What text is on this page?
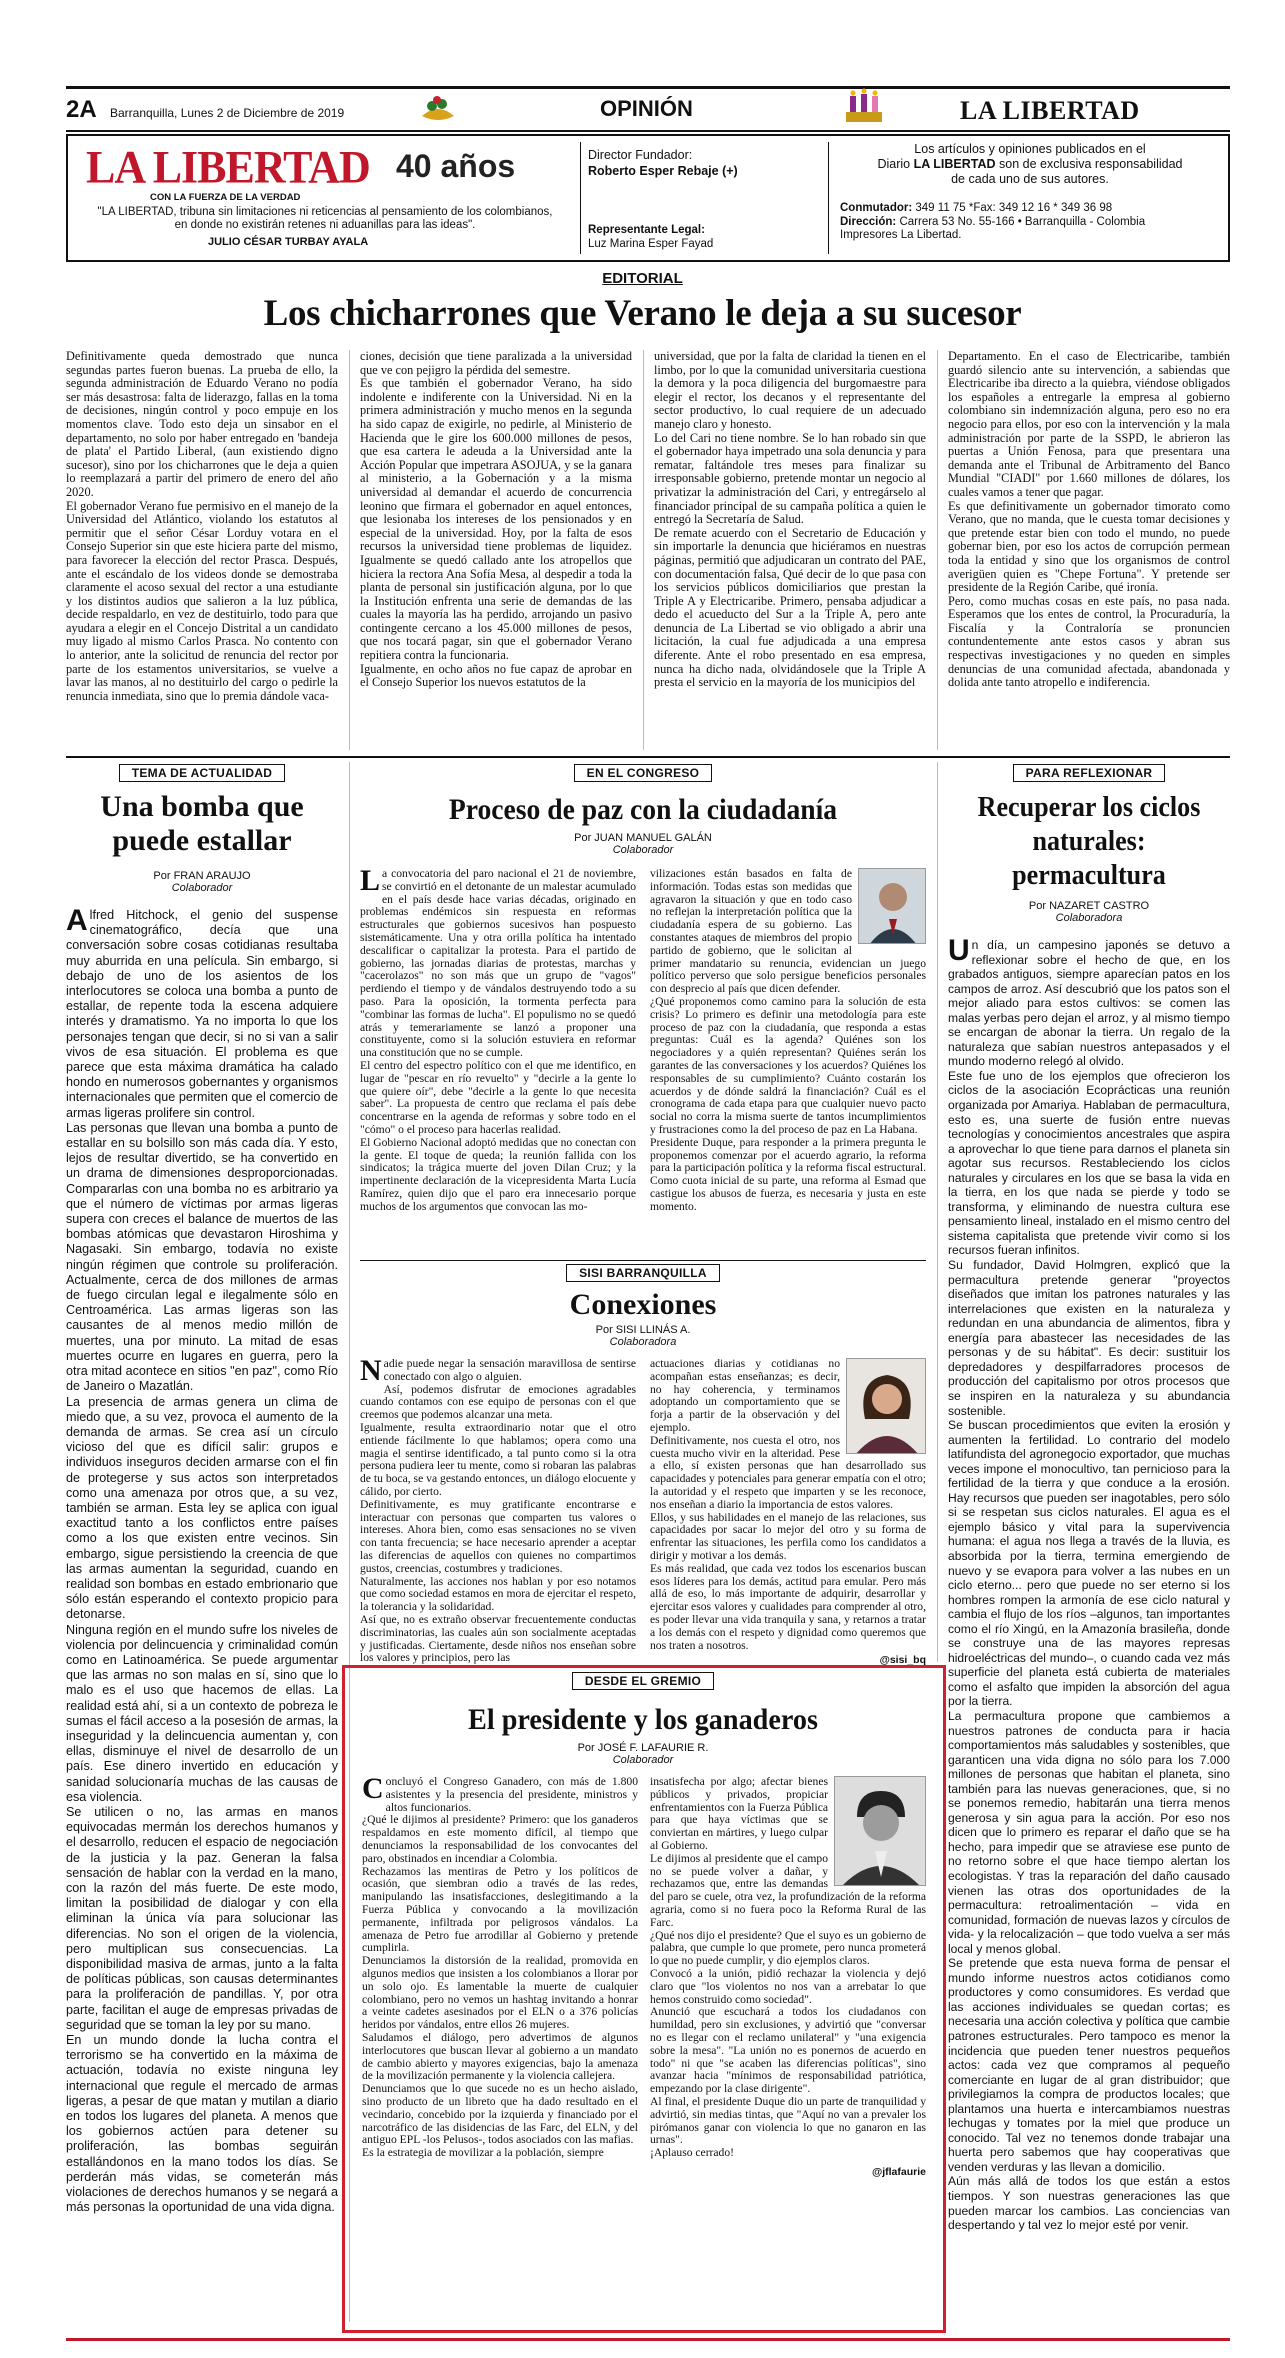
2A Barranquilla, Lunes 2 de Diciembre de 2019	OPINIÓN	LA LIBERTAD
LA LIBERTAD 40 años
CON LA FUERZA DE LA VERDAD
"LA LIBERTAD, tribuna sin limitaciones ni reticencias al pensamiento de los colombianos, en donde no existirán retenes ni aduanillas para las ideas".
JULIO CÉSAR TURBAY AYALA
Director Fundador:
Roberto Esper Rebaje (+)
Representante Legal:
Luz Marina Esper Fayad
Los artículos y opiniones publicados en el
Diario LA LIBERTAD son de exclusiva responsabilidad
de cada uno de sus autores.
Conmutador: 349 11 75 *Fax: 349 12 16 * 349 36 98
Dirección: Carrera 53 No. 55-166 • Barranquilla - Colombia
Impresores La Libertad.
EDITORIAL
Los chicharrones que Verano le deja a su sucesor

Definitivamente queda demostrado que nunca segundas partes fueron buenas. La prueba de ello, la segunda administración de Eduardo Verano no podía ser más desastrosa: falta de liderazgo, fallas en la toma de decisiones, ningún control y poco empuje en los momentos clave. Todo esto deja un sinsabor en el departamento, no solo por haber entregado en 'bandeja de plata' el Partido Liberal, (aun existiendo digno sucesor), sino por los chicharrones que le deja a quien lo reemplazará a partir del primero de enero del año 2020.

El gobernador Verano fue permisivo en el manejo de la Universidad del Atlántico, violando los estatutos al permitir que el señor César Lorduy votara en el Consejo Superior sin que este hiciera parte del mismo, para favorecer la elección del rector Prasca. Después, ante el escándalo de los videos donde se demostraba claramente el acoso sexual del rector a una estudiante y los distintos audios que salieron a la luz pública, decide respaldarlo, en vez de destituirlo, todo para que ayudara a elegir en el Concejo Distrital a un candidato muy ligado al mismo Carlos Prasca. No contento con lo anterior, ante la solicitud de renuncia del rector por parte de los estamentos universitarios, se vuelve a lavar las manos, al no destituirlo del cargo o pedirle la renuncia inmediata, sino que lo premia dándole vaca-

ciones, decisión que tiene paralizada a la universidad que ve con pejigro la pérdida del semestre.

Es que también el gobernador Verano, ha sido indolente e indiferente con la Universidad. Ni en la primera administración y mucho menos en la segunda ha sido capaz de exigirle, no pedirle, al Ministerio de Hacienda que le gire los 600.000 millones de pesos, que esa cartera le adeuda a la Universidad ante la Acción Popular que impetrara ASOJUA, y se la ganara al ministerio, a la Gobernación y a la misma universidad al demandar el acuerdo de concurrencia leonino que firmara el gobernador en aquel entonces, que lesionaba los intereses de los pensionados y en especial de la universidad. Hoy, por la falta de esos recursos la universidad tiene problemas de liquidez. Igualmente se quedó callado ante los atropellos que hiciera la rectora Ana Sofía Mesa, al despedir a toda la planta de personal sin justificación alguna, por lo que la Institución enfrenta una serie de demandas de las cuales la mayoría las ha perdido, arrojando un pasivo contingente cercano a los 45.000 millones de pesos, que nos tocará pagar, sin que el gobernador Verano repitiera contra la funcionaria.

Igualmente, en ocho años no fue capaz de aprobar en el Consejo Superior los nuevos estatutos de la

universidad, que por la falta de claridad la tienen en el limbo, por lo que la comunidad universitaria cuestiona la demora y la poca diligencia del burgomaestre para elegir el rector, los decanos y el representante del sector productivo, lo cual requiere de un adecuado manejo claro y honesto.

Lo del Cari no tiene nombre. Se lo han robado sin que el gobernador haya impetrado una sola denuncia y para rematar, faltándole tres meses para finalizar su irresponsable gobierno, pretende montar un negocio al privatizar la administración del Cari, y entregárselo al financiador principal de su campaña política a quien le entregó la Secretaría de Salud.

De remate acuerdo con el Secretario de Educación y sin importarle la denuncia que hiciéramos en nuestras páginas, permitió que adjudicaran un contrato del PAE, con documentación falsa, Qué decir de lo que pasa con los servicios públicos domiciliarios que prestan la Triple A y Electricaribe. Primero, pensaba adjudicar a dedo el acueducto del Sur a la Triple A, pero ante denuncia de La Libertad se vio obligado a abrir una licitación, la cual fue adjudicada a una empresa diferente. Ante el robo presentado en esa empresa, nunca ha dicho nada, olvidándosele que la Triple A presta el servicio en la mayoría de los municipios del

Departamento. En el caso de Electricaribe, también guardó silencio ante su intervención, a sabiendas que Electricaribe iba directo a la quiebra, viéndose obligados los españoles a entregarle la empresa al gobierno colombiano sin indemnización alguna, pero eso no era negocio para ellos, por eso con la intervención y la mala administración por parte de la SSPD, le abrieron las puertas a Unión Fenosa, para que presentara una demanda ante el Tribunal de Arbitramento del Banco Mundial "CIADI" por 1.660 millones de dólares, los cuales vamos a tener que pagar.

Es que definitivamente un gobernador timorato como Verano, que no manda, que le cuesta tomar decisiones y que pretende estar bien con todo el mundo, no puede gobernar bien, por eso los actos de corrupción permean toda la entidad y sino que los organismos de control averigüen quien es "Chepe Fortuna". Y pretende ser presidente de la Región Caribe, qué ironía.

Pero, como muchas cosas en este país, no pasa nada. Esperamos que los entes de control, la Procuraduría, la Fiscalía y la Contraloría se pronuncien contundentemente ante estos casos y abran sus respectivas investigaciones y no queden en simples denuncias de una comunidad afectada, abandonada y dolida ante tanto atropello e indiferencia.

TEMA DE ACTUALIDAD
Una bomba que puede estallar
Por FRAN ARAUJO
Colaborador

Alfred Hitchock, el genio del suspense cinematográfico, decía que una conversación sobre cosas cotidianas resultaba muy aburrida en una película. Sin embargo, si debajo de uno de los asientos de los interlocutores se coloca una bomba a punto de estallar, de repente toda la escena adquiere interés y dramatismo. Ya no importa lo que los personajes tengan que decir, si no si van a salir vivos de esa situación. El problema es que parece que esta máxima dramática ha calado hondo en numerosos gobernantes y organismos internacionales que permiten que el comercio de armas ligeras prolifere sin control.

Las personas que llevan una bomba a punto de estallar en su bolsillo son más cada día. Y esto, lejos de resultar divertido, se ha convertido en un drama de dimensiones desproporcionadas. Compararlas con una bomba no es arbitrario ya que el número de víctimas por armas ligeras supera con creces el balance de muertos de las bombas atómicas que devastaron Hiroshima y Nagasaki. Sin embargo, todavía no existe ningún régimen que controle su proliferación. Actualmente, cerca de dos millones de armas de fuego circulan legal e ilegalmente sólo en Centroamérica. Las armas ligeras son las causantes de al menos medio millón de muertes, una por minuto. La mitad de esas muertes ocurre en lugares en guerra, pero la otra mitad acontece en sitios "en paz", como Río de Janeiro o Mazatlán.

La presencia de armas genera un clima de miedo que, a su vez, provoca el aumento de la demanda de armas. Se crea así un círculo vicioso del que es difícil salir: grupos e individuos inseguros deciden armarse con el fin de protegerse y sus actos son interpretados como una amenaza por otros que, a su vez, también se arman. Esta ley se aplica con igual exactitud tanto a los conflictos entre países como a los que existen entre vecinos. Sin embargo, sigue persistiendo la creencia de que las armas aumentan la seguridad, cuando en realidad son bombas en estado embrionario que sólo están esperando el contexto propicio para detonarse.

Ninguna región en el mundo sufre los niveles de violencia por delincuencia y criminalidad común como en Latinoamérica. Se puede argumentar que las armas no son malas en sí, sino que lo malo es el uso que hacemos de ellas. La realidad está ahí, si a un contexto de pobreza le sumas el fácil acceso a la posesión de armas, la inseguridad y la delincuencia aumentan y, con ellas, disminuye el nivel de desarrollo de un país. Ese dinero invertido en educación y sanidad solucionaría muchas de las causas de esa violencia.

Se utilicen o no, las armas en manos equivocadas mermán los derechos humanos y el desarrollo, reducen el espacio de negociación de la justicia y la paz. Generan la falsa sensación de hablar con la verdad en la mano, con la razón del más fuerte. De este modo, limitan la posibilidad de dialogar y con ella eliminan la única vía para solucionar las diferencias. No son el origen de la violencia, pero multiplican sus consecuencias. La disponibilidad masiva de armas, junto a la falta de políticas públicas, son causas determinantes para la proliferación de pandillas. Y, por otra parte, facilitan el auge de empresas privadas de seguridad que se toman la ley por su mano.

En un mundo donde la lucha contra el terrorismo se ha convertido en la máxima de actuación, todavía no existe ninguna ley internacional que regule el mercado de armas ligeras, a pesar de que matan y mutilan a diario en todos los lugares del planeta. A menos que los gobiernos actúen para detener su proliferación, las bombas seguirán estallándonos en la mano todos los días. Se perderán más vidas, se cometerán más violaciones de derechos humanos y se negará a más personas la oportunidad de una vida digna.

EN EL CONGRESO
Proceso de paz con la ciudadanía
Por JUAN MANUEL GALÁN
Colaborador

La convocatoria del paro nacional el 21 de noviembre, se convirtió en el detonante de un malestar acumulado en el país desde hace varias décadas, originado en problemas endémicos sin respuesta en reformas estructurales que gobiernos sucesivos han pospuesto sistemáticamente. Una y otra orilla política ha intentado descalificar o capitalizar la protesta. Para el partido de gobierno, las jornadas diarias de protestas, marchas y "cacerolazos" no son más que un grupo de "vagos" perdiendo el tiempo y de vándalos destruyendo todo a su paso. Para la oposición, la tormenta perfecta para "combinar las formas de lucha". El populismo no se quedó atrás y temerariamente se lanzó a proponer una constituyente, como si la solución estuviera en reformar una constitución que no se cumple.

El centro del espectro político con el que me identifico, en lugar de "pescar en río revuelto" y "decirle a la gente lo que quiere oír", debe "decirle a la gente lo que necesita saber". La propuesta de centro que reclama el país debe concentrarse en la agenda de reformas y sobre todo en el "cómo" o el proceso para hacerlas realidad.

El Gobierno Nacional adoptó medidas que no conectan con la gente. El toque de queda; la reunión fallida con los sindicatos; la trágica muerte del joven Dilan Cruz; y la impertinente declaración de la vicepresidenta Marta Lucía Ramírez, quien dijo que el paro era innecesario porque muchos de los argumentos que convocan las mo-

vilizaciones están basados en falta de información. Todas estas son medidas que agravaron la situación y que en todo caso no reflejan la interpretación política que la ciudadanía espera de su gobierno. Las constantes ataques de miembros del propio partido de gobierno, que le solicitan al primer mandatario su renuncia, evidencian un juego político perverso que solo persigue beneficios personales con desprecio al país que dicen defender.

¿Qué proponemos como camino para la solución de esta crisis? Lo primero es definir una metodología para este proceso de paz con la ciudadanía, que responda a estas preguntas: Cuál es la agenda? Quiénes son los negociadores y a quién representan? Quiénes serán los garantes de las conversaciones y los acuerdos? Quiénes los responsables de su cumplimiento? Cuánto costarán los acuerdos y de dónde saldrá la financiación? Cuál es el cronograma de cada etapa para que cualquier nuevo pacto social no corra la misma suerte de tantos incumplimientos y frustraciones como la del proceso de paz en La Habana.

Presidente Duque, para responder a la primera pregunta le proponemos comenzar por el acuerdo agrario, la reforma para la participación política y la reforma fiscal estructural. Como cuota inicial de su parte, una reforma al Esmad que castigue los abusos de fuerza, es necesaria y justa en este momento.

SISI BARRANQUILLA
Conexiones
Por SISI LLINÁS A.
Colaboradora

Nadie puede negar la sensación maravillosa de sentirse conectado con algo o alguien.

Así, podemos disfrutar de emociones agradables cuando contamos con ese equipo de personas con el que creemos que podemos alcanzar una meta.

Igualmente, resulta extraordinario notar que el otro entiende fácilmente lo que hablamos; opera como una magia el sentirse identificado, a tal punto como si la otra persona pudiera leer tu mente, como si robaran las palabras de tu boca, se va gestando entonces, un diálogo elocuente y cálido, por cierto.

Definitivamente, es muy gratificante encontrarse e interactuar con personas que comparten tus valores o intereses. Ahora bien, como esas sensaciones no se viven con tanta frecuencia; se hace necesario aprender a aceptar las diferencias de aquellos con quienes no compartimos gustos, creencias, costumbres y tradiciones.

Naturalmente, las acciones nos hablan y por eso notamos que como sociedad estamos en mora de ejercitar el respeto, la tolerancia y la solidaridad.

Así que, no es extraño observar frecuentemente conductas discriminatorias, las cuales aún son socialmente aceptadas y justificadas. Ciertamente, desde niños nos enseñan sobre los valores y principios, pero las

actuaciones diarias y cotidianas no acompañan estas enseñanzas; es decir, no hay coherencia, y terminamos adoptando un comportamiento que se forja a partir de la observación y del ejemplo.

Definitivamente, nos cuesta el otro, nos cuesta mucho vivir en la alteridad. Pese a ello, sí existen personas que han desarrollado sus capacidades y potenciales para generar empatía con el otro; la autoridad y el respeto que imparten y se les reconoce, nos enseñan a diario la importancia de estos valores.

Ellos, y sus habilidades en el manejo de las relaciones, sus capacidades por sacar lo mejor del otro y su forma de enfrentar las situaciones, les perfila como los candidatos a dirigir y motivar a los demás.

Es más realidad, que cada vez todos los escenarios buscan esos líderes para los demás, actitud para emular. Pero más allá de eso, lo más importante de adquirir, desarrollar y ejercitar esos valores y cualidades para comprender al otro, es poder llevar una vida tranquila y sana, y retarnos a tratar a los demás con el respeto y dignidad como queremos que nos traten a nosotros.

@sisi_bq
DESDE EL GREMIO
El presidente y los ganaderos
Por JOSÉ F. LAFAURIE R.
Colaborador

Concluyó el Congreso Ganadero, con más de 1.800 asistentes y la presencia del presidente, ministros y altos funcionarios.

¿Qué le dijimos al presidente? Primero: que los ganaderos respaldamos en este momento difícil, al tiempo que denunciamos la responsabilidad de los convocantes del paro, obstinados en incendiar a Colombia.

Rechazamos las mentiras de Petro y los políticos de ocasión, que siembran odio a través de las redes, manipulando las insatisfacciones, deslegitimando a la Fuerza Pública y convocando a la movilización permanente, infiltrada por peligrosos vándalos. La amenaza de Petro fue arrodillar al Gobierno y pretende cumplirla.

Denunciamos la distorsión de la realidad, promovida en algunos medios que insisten a los colombianos a llorar por un solo ojo. Es lamentable la muerte de cualquier colombiano, pero no vemos un hashtag invitando a honrar a veinte cadetes asesinados por el ELN o a 376 policías heridos por vándalos, entre ellos 26 mujeres.

Saludamos el diálogo, pero advertimos de algunos interlocutores que buscan llevar al gobierno a un mandato de cambio abierto y mayores exigencias, bajo la amenaza de la movilización permanente y la violencia callejera.

Denunciamos que lo que sucede no es un hecho aislado, sino producto de un libreto que ha dado resultado en el vecindario, concebido por la izquierda y financiado por el narcotráfico de las disidencias de las Farc, del ELN, y del antiguo EPL -los Pelusos-, todos asociados con las mafias.

Es la estrategia de movilizar a la población, siempre

insatisfecha por algo; afectar bienes públicos y privados, propiciar enfrentamientos con la Fuerza Pública para que haya víctimas que se conviertan en mártires, y luego culpar al Gobierno.

Le dijimos al presidente que el campo no se puede volver a dañar, y rechazamos que, entre las demandas del paro se cuele, otra vez, la profundización de la reforma agraria, como si no fuera poco la Reforma Rural de las Farc.

¿Qué nos dijo el presidente? Que el suyo es un gobierno de palabra, que cumple lo que promete, pero nunca prometerá lo que no puede cumplir, y dio ejemplos claros.

Convocó a la unión, pidió rechazar la violencia y dejó claro que "los violentos no nos van a arrebatar lo que hemos construido como sociedad".

Anunció que escuchará a todos los ciudadanos con humildad, pero sin exclusiones, y advirtió que "conversar no es llegar con el reclamo unilateral" y "una exigencia sobre la mesa". "La unión no es ponernos de acuerdo en todo" ni que "se acaben las diferencias políticas", sino avanzar hacia "mínimos de responsabilidad patriótica, empezando por la clase dirigente".

Al final, el presidente Duque dio un parte de tranquilidad y advirtió, sin medias tintas, que "Aquí no van a prevaler los pirómanos ganar con violencia lo que no ganaron en las urnas".

¡Aplauso cerrado!

@jflafaurie
PARA REFLEXIONAR
Recuperar los ciclos naturales: permacultura
Por NAZARET CASTRO
Colaboradora

Un día, un campesino japonés se detuvo a reflexionar sobre el hecho de que, en los grabados antiguos, siempre aparecían patos en los campos de arroz. Así descubrió que los patos son el mejor aliado para estos cultivos: se comen las malas yerbas pero dejan el arroz, y al mismo tiempo se encargan de abonar la tierra. Un regalo de la naturaleza que sabían nuestros antepasados y el mundo moderno relegó al olvido.

Este fue uno de los ejemplos que ofrecieron los ciclos de la asociación Ecoprácticas una reunión organizada por Amariya. Hablaban de permacultura, esto es, una suerte de fusión entre nuevas tecnologías y conocimientos ancestrales que aspira a aprovechar lo que tiene para darnos el planeta sin agotar sus recursos. Restableciendo los ciclos naturales y circulares en los que se basa la vida en la tierra, en los que nada se pierde y todo se transforma, y eliminando de nuestra cultura ese pensamiento lineal, instalado en el mismo centro del sistema capitalista que pretende vivir como si los recursos fueran infinitos.

Su fundador, David Holmgren, explicó que la permacultura pretende generar "proyectos diseñados que imitan los patrones naturales y las interrelaciones que existen en la naturaleza y redundan en una abundancia de alimentos, fibra y energía para abastecer las necesidades de las personas y de su hábitat". Es decir: sustituir los depredadores y despilfarradores procesos de producción del capitalismo por otros procesos que se inspiren en la naturaleza y su abundancia sostenible.

Se buscan procedimientos que eviten la erosión y aumenten la fertilidad. Lo contrario del modelo latifundista del agronegocio exportador, que muchas veces impone el monocultivo, tan pernicioso para la fertilidad de la tierra y que conduce a la erosión. Hay recursos que pueden ser inagotables, pero sólo si se respetan sus ciclos naturales. El agua es el ejemplo básico y vital para la supervivencia humana: el agua nos llega a través de la lluvia, es absorbida por la tierra, termina emergiendo de nuevo y se evapora para volver a las nubes en un ciclo eterno... pero que puede no ser eterno si los hombres rompen la armonía de ese ciclo natural y cambia el flujo de los ríos –algunos, tan importantes como el río Xingú, en la Amazonía brasileña, donde se construye una de las mayores represas hidroeléctricas del mundo–, o cuando cada vez más superficie del planeta está cubierta de materiales como el asfalto que impiden la absorción del agua por la tierra.

La permacultura propone que cambiemos a nuestros patrones de conducta para ir hacia comportamientos más saludables y sostenibles, que garanticen una vida digna no sólo para los 7.000 millones de personas que habitan el planeta, sino también para las nuevas generaciones, que, si no se ponemos remedio, habitarán una tierra menos generosa y sin agua para la acción. Por eso nos dicen que lo primero es reparar el daño que se ha hecho, para impedir que se atraviese ese punto de no retorno sobre el que hace tiempo alertan los ecologistas. Y tras la reparación del daño causado vienen las otras dos oportunidades de la permacultura: retroalimentación – vida en comunidad, formación de nuevas lazos y círculos de vida- y la relocalización – que todo vuelva a ser más local y menos global.

Se pretende que esta nueva forma de pensar el mundo informe nuestros actos cotidianos como productores y como consumidores. Es verdad que las acciones individuales se quedan cortas; es necesaria una acción colectiva y política que cambie patrones estructurales. Pero tampoco es menor la incidencia que pueden tener nuestros pequeños actos: cada vez que compramos al pequeño comerciante en lugar de al gran distribuidor; que privilegiamos la compra de productos locales; que plantamos una huerta e intercambiamos nuestras lechugas y tomates por la miel que produce un conocido. Tal vez no tenemos donde trabajar una huerta pero sabemos que hay cooperativas que venden verduras y las llevan a domicilio.

Aún más allá de todos los que están a estos tiempos. Y son nuestras generaciones las que pueden marcar los cambios. Las conciencias van despertando y tal vez lo mejor esté por venir.
